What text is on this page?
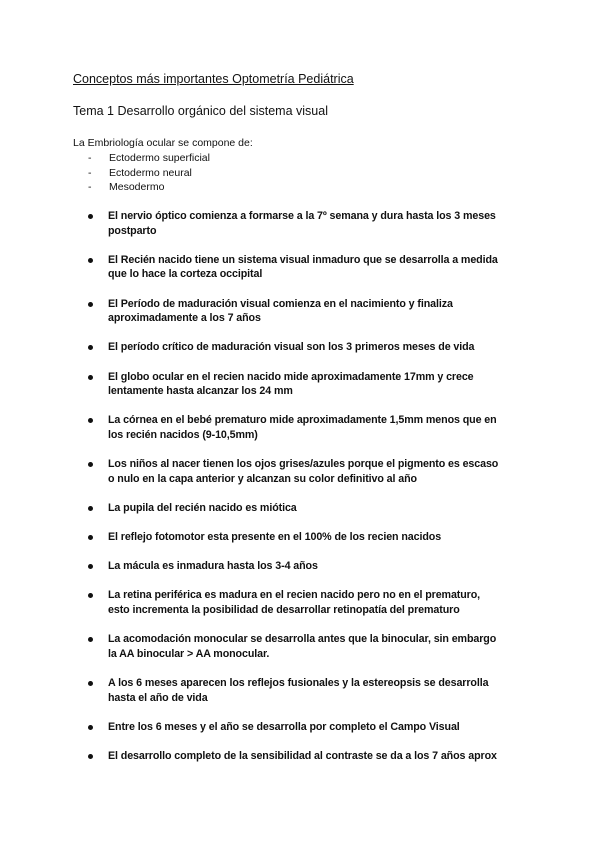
Conceptos más importantes Optometría Pediátrica
Tema 1 Desarrollo orgánico del sistema visual
La Embriología ocular se compone de:
- Ectodermo superficial
- Ectodermo neural
- Mesodermo
El nervio óptico comienza a formarse a la 7º semana y dura hasta los 3 meses
postparto
El Recién nacido tiene un sistema visual inmaduro que se desarrolla a medida
que lo hace la corteza occipital
El Período de maduración visual comienza en el nacimiento y finaliza
aproximadamente a los 7 años
El período crítico de maduración visual son los 3 primeros meses de vida
El globo ocular en el recien nacido mide aproximadamente 17mm y crece
lentamente hasta alcanzar los 24 mm
La córnea en el bebé prematuro mide aproximadamente 1,5mm menos que en
los recién nacidos (9-10,5mm)
Los niños al nacer tienen los ojos grises/azules porque el pigmento es escaso
o nulo en la capa anterior y alcanzan su color definitivo al año
La pupila del recién nacido es miótica
El reflejo fotomotor esta presente en el 100% de los recien nacidos
La mácula es inmadura hasta los 3-4 años
La retina periférica es madura en el recien nacido pero no en el prematuro,
esto incrementa la posibilidad de desarrollar retinopatía del prematuro
La acomodación monocular se desarrolla antes que la binocular, sin embargo
la AA binocular > AA monocular.
A los 6 meses aparecen los reflejos fusionales y la estereopsis se desarrolla
hasta el año de vida
Entre los 6 meses y el año se desarrolla por completo el Campo Visual
El desarrollo completo de la sensibilidad al contraste se da a los 7 años aprox
